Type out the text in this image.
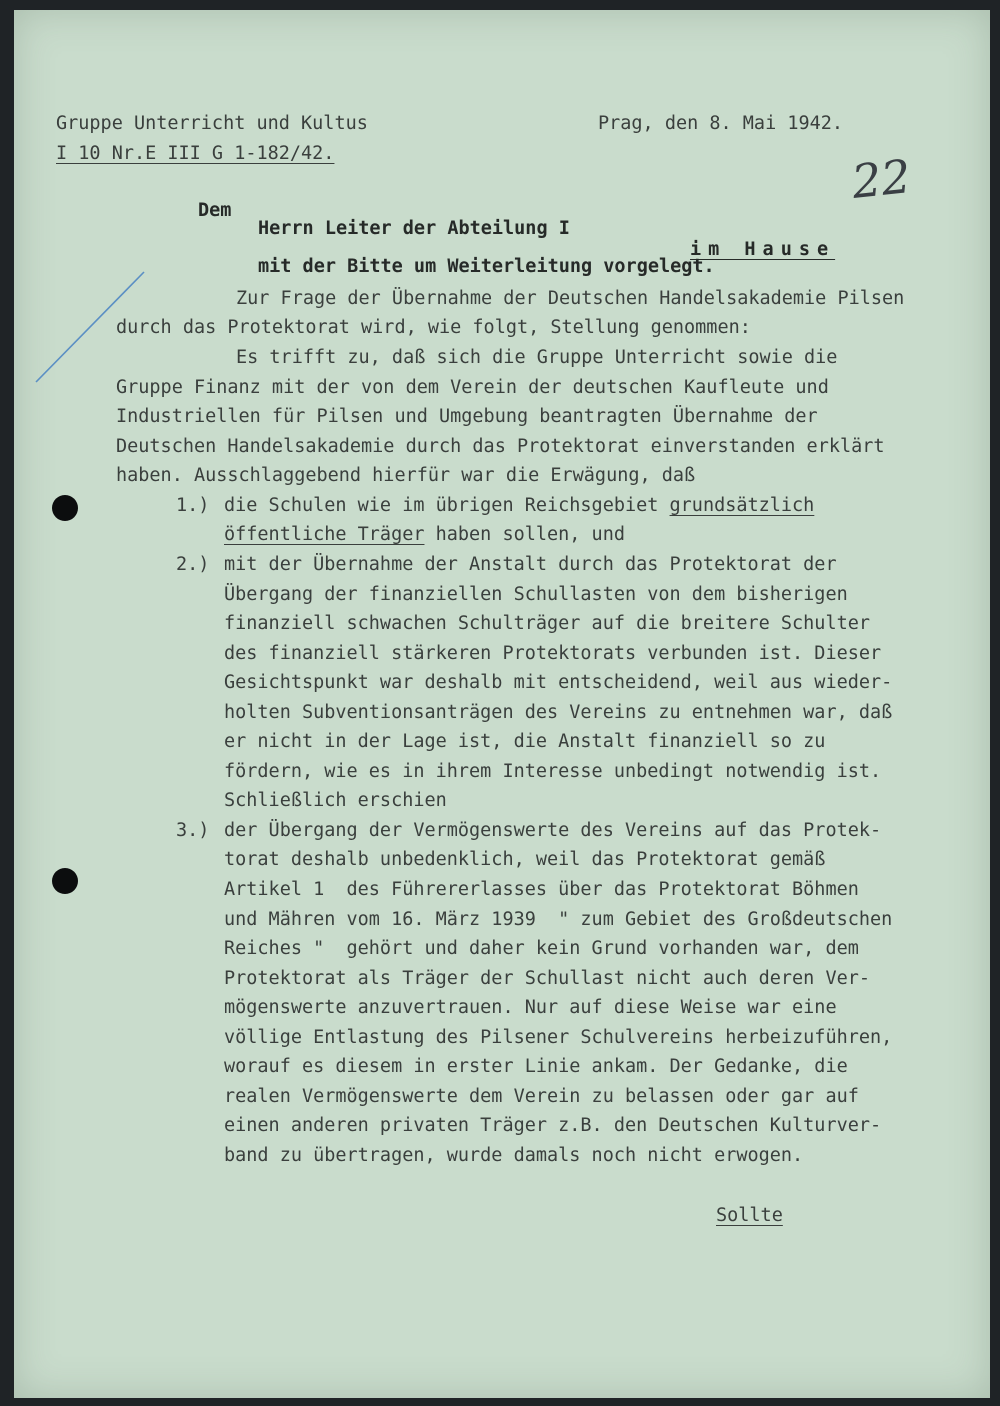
Gruppe Unterricht und Kultus
I 10 Nr.E III G 1-182/42.
Prag, den 8. Mai 1942.
22
Dem
Herrn Leiter der Abteilung I
im Hause
mit der Bitte um Weiterleitung vorgelegt.
Zur Frage der Übernahme der Deutschen Handelsakademie Pilsen
durch das Protektorat wird, wie folgt, Stellung genommen:
Es trifft zu, daß sich die Gruppe Unterricht sowie die
Gruppe Finanz mit der von dem Verein der deutschen Kaufleute und
Industriellen für Pilsen und Umgebung beantragten Übernahme der
Deutschen Handelsakademie durch das Protektorat einverstanden erklärt
haben. Ausschlaggebend hierfür war die Erwägung, daß
1.) die Schulen wie im übrigen Reichsgebiet grundsätzlich
öffentliche Träger haben sollen, und
2.) mit der Übernahme der Anstalt durch das Protektorat der
Übergang der finanziellen Schullasten von dem bisherigen
finanziell schwachen Schulträger auf die breitere Schulter
des finanziell stärkeren Protektorats verbunden ist. Dieser
Gesichtspunkt war deshalb mit entscheidend, weil aus wieder-
holten Subventionsanträgen des Vereins zu entnehmen war, daß
er nicht in der Lage ist, die Anstalt finanziell so zu
fördern, wie es in ihrem Interesse unbedingt notwendig ist.
Schließlich erschien
3.) der Übergang der Vermögenswerte des Vereins auf das Protek-
torat deshalb unbedenklich, weil das Protektorat gemäß
Artikel 1  des Führererlasses über das Protektorat Böhmen
und Mähren vom 16. März 1939  " zum Gebiet des Großdeutschen
Reiches "  gehört und daher kein Grund vorhanden war, dem
Protektorat als Träger der Schullast nicht auch deren Ver-
mögenswerte anzuvertrauen. Nur auf diese Weise war eine
völlige Entlastung des Pilsener Schulvereins herbeizuführen,
worauf es diesem in erster Linie ankam. Der Gedanke, die
realen Vermögenswerte dem Verein zu belassen oder gar auf
einen anderen privaten Träger z.B. den Deutschen Kulturver-
band zu übertragen, wurde damals noch nicht erwogen.
Sollte
